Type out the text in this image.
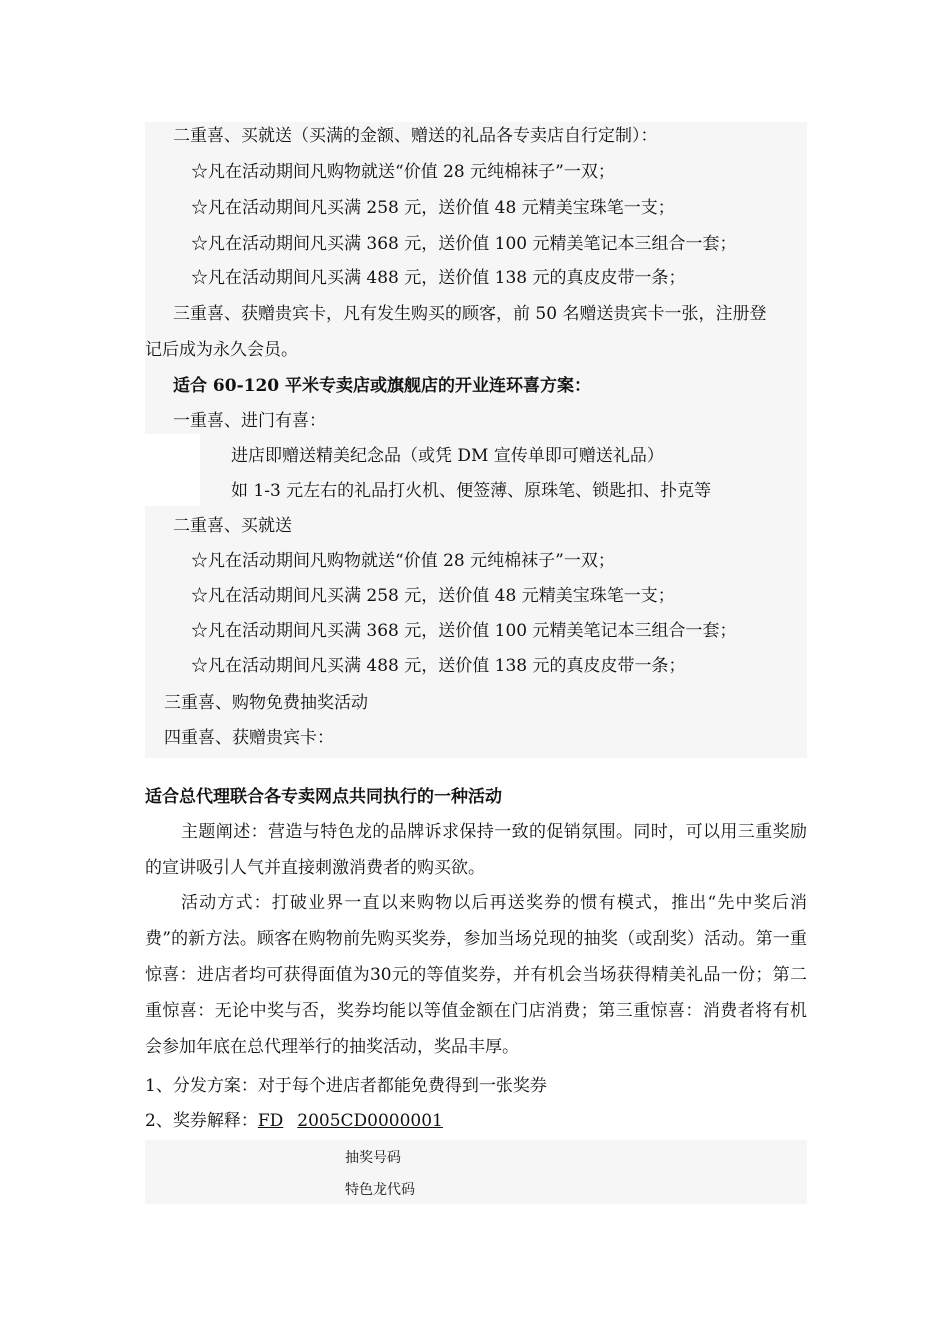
二重喜、买就送（买满的金额、赠送的礼品各专卖店自行定制）：
☆凡在活动期间凡购物就送“价值 28 元纯棉袜子”一双；
☆凡在活动期间凡买满 258 元，送价值 48 元精美宝珠笔一支；
☆凡在活动期间凡买满 368 元，送价值 100 元精美笔记本三组合一套；
☆凡在活动期间凡买满 488 元，送价值 138 元的真皮皮带一条；
三重喜、获赠贵宾卡，凡有发生购买的顾客，前 50 名赠送贵宾卡一张，注册登
记后成为永久会员。
适合 60-120 平米专卖店或旗舰店的开业连环喜方案：
一重喜、进门有喜：
进店即赠送精美纪念品（或凭 DM 宣传单即可赠送礼品）
如 1-3 元左右的礼品打火机、便签薄、原珠笔、锁匙扣、扑克等
二重喜、买就送
☆凡在活动期间凡购物就送“价值 28 元纯棉袜子”一双；
☆凡在活动期间凡买满 258 元，送价值 48 元精美宝珠笔一支；
☆凡在活动期间凡买满 368 元，送价值 100 元精美笔记本三组合一套；
☆凡在活动期间凡买满 488 元，送价值 138 元的真皮皮带一条；
三重喜、购物免费抽奖活动
四重喜、获赠贵宾卡：
适合总代理联合各专卖网点共同执行的一种活动
主题阐述：营造与特色龙的品牌诉求保持一致的促销氛围。同时，可以用三重奖励的宣讲吸引人气并直接刺激消费者的购买欲。
活动方式：打破业界一直以来购物以后再送奖券的惯有模式，推出“先中奖后消费”的新方法。顾客在购物前先购买奖券，参加当场兑现的抽奖（或刮奖）活动。第一重惊喜：进店者均可获得面值为30元的等值奖券，并有机会当场获得精美礼品一份；第二重惊喜：无论中奖与否，奖券均能以等值金额在门店消费；第三重惊喜：消费者将有机会参加年底在总代理举行的抽奖活动，奖品丰厚。
1、分发方案：对于每个进店者都能免费得到一张奖券
2、奖券解释：FD 2005CD0000001
抽奖号码
特色龙代码
